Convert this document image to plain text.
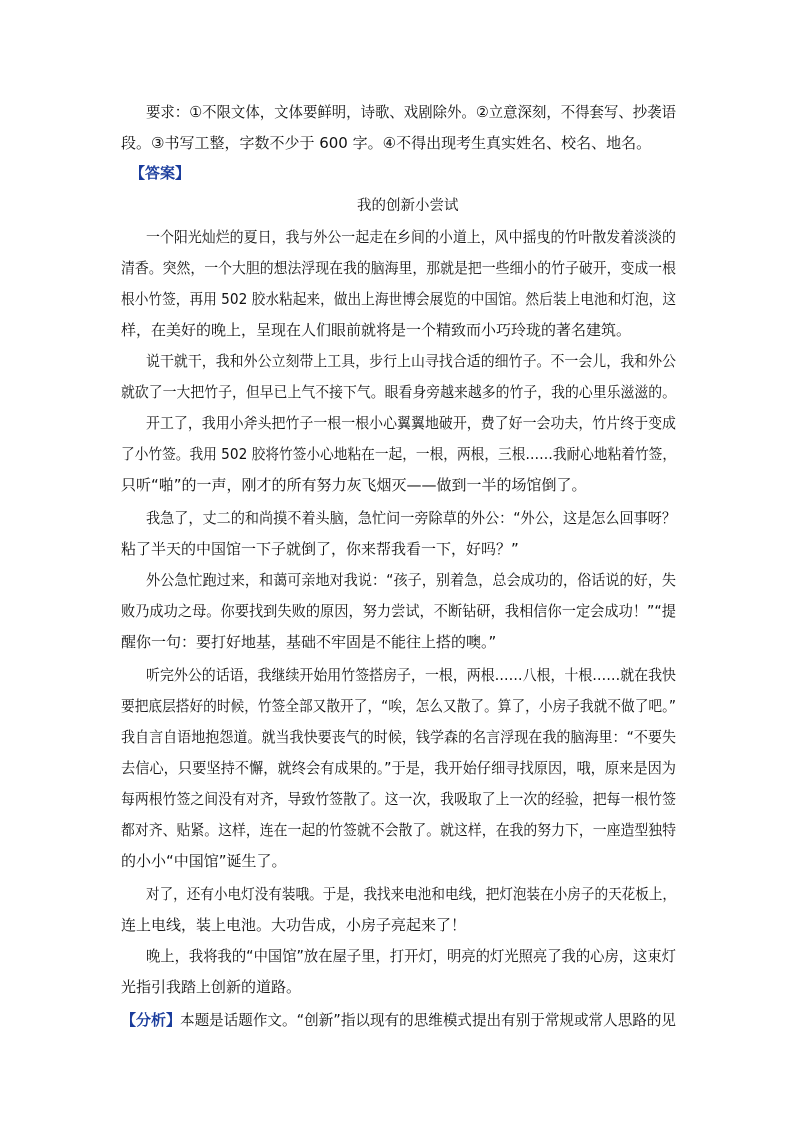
要求：①不限文体，文体要鲜明，诗歌、戏剧除外。②立意深刻，不得套写、抄袭语
段。③书写工整，字数不少于 600 字。④不得出现考生真实姓名、校名、地名。
【答案】
我的创新小尝试
一个阳光灿烂的夏日，我与外公一起走在乡间的小道上，风中摇曳的竹叶散发着淡淡的
清香。突然，一个大胆的想法浮现在我的脑海里，那就是把一些细小的竹子破开，变成一根
根小竹签，再用 502 胶水粘起来，做出上海世博会展览的中国馆。然后装上电池和灯泡，这
样，在美好的晚上，呈现在人们眼前就将是一个精致而小巧玲珑的著名建筑。
说干就干，我和外公立刻带上工具，步行上山寻找合适的细竹子。不一会儿，我和外公
就砍了一大把竹子，但早已上气不接下气。眼看身旁越来越多的竹子，我的心里乐滋滋的。
开工了，我用小斧头把竹子一根一根小心翼翼地破开，费了好一会功夫，竹片终于变成
了小竹签。我用 502 胶将竹签小心地粘在一起，一根，两根，三根……我耐心地粘着竹签，
只听“啪”的一声，刚才的所有努力灰飞烟灭——做到一半的场馆倒了。
我急了，丈二的和尚摸不着头脑，急忙问一旁除草的外公：“外公，这是怎么回事呀？
粘了半天的中国馆一下子就倒了，你来帮我看一下，好吗？”
外公急忙跑过来，和蔼可亲地对我说：“孩子，别着急，总会成功的，俗话说的好，失
败乃成功之母。你要找到失败的原因，努力尝试，不断钻研，我相信你一定会成功！”“提
醒你一句：要打好地基，基础不牢固是不能往上搭的噢。”
听完外公的话语，我继续开始用竹签搭房子，一根，两根……八根，十根……就在我快
要把底层搭好的时候，竹签全部又散开了，“唉，怎么又散了。算了，小房子我就不做了吧。”
我自言自语地抱怨道。就当我快要丧气的时候，钱学森的名言浮现在我的脑海里：“不要失
去信心，只要坚持不懈，就终会有成果的。”于是，我开始仔细寻找原因，哦，原来是因为
每两根竹签之间没有对齐，导致竹签散了。这一次，我吸取了上一次的经验，把每一根竹签
都对齐、贴紧。这样，连在一起的竹签就不会散了。就这样，在我的努力下，一座造型独特
的小小“中国馆”诞生了。
对了，还有小电灯没有装哦。于是，我找来电池和电线，把灯泡装在小房子的天花板上，
连上电线，装上电池。大功告成，小房子亮起来了！
晚上，我将我的“中国馆”放在屋子里，打开灯，明亮的灯光照亮了我的心房，这束灯
光指引我踏上创新的道路。
【分析】
本题是话题作文。“创新”指以现有的思维模式提出有别于常规或常人思路的见
